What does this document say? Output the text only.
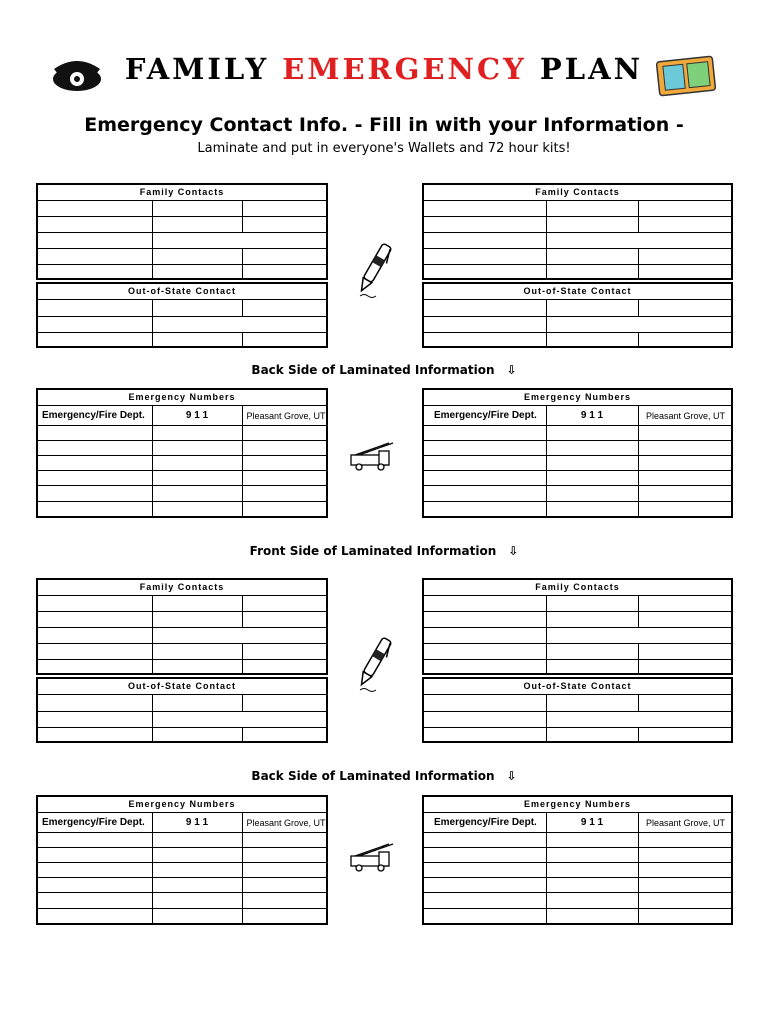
FAMILY EMERGENCY PLAN
Emergency Contact Info. - Fill in with your Information -
Laminate and put in everyone's Wallets and 72 hour kits!
Family Contacts	Family Contacts
Out-of-State Contact	Out-of-State Contact
Back Side of Laminated Information ⇩
Emergency Numbers
Emergency/Fire Dept.	9 1 1	Pleasant Grove, UT
Emergency Numbers
Emergency/Fire Dept.	9 1 1	Pleasant Grove, UT
Front Side of Laminated Information ⇩
Family Contacts	Family Contacts
Out-of-State Contact	Out-of-State Contact
Back Side of Laminated Information ⇩
Emergency Numbers
Emergency/Fire Dept.	9 1 1	Pleasant Grove, UT
Emergency Numbers
Emergency/Fire Dept.	9 1 1	Pleasant Grove, UT
